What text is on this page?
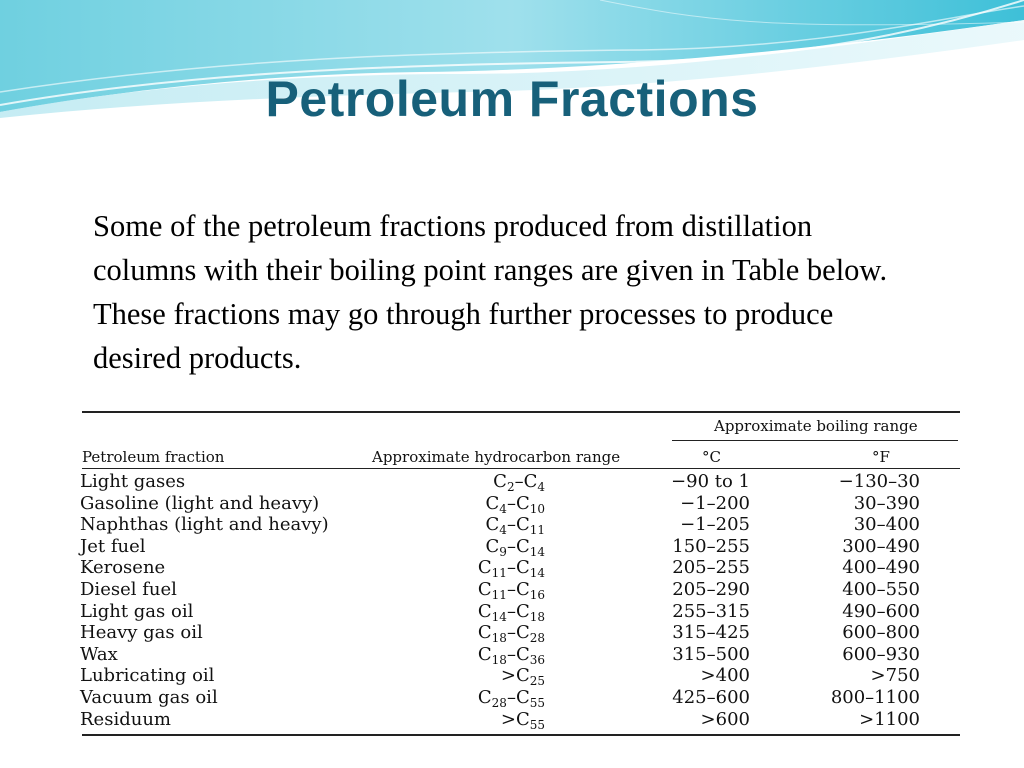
Petroleum Fractions

Some of the petroleum fractions produced from distillation columns with their boiling point ranges are given in Table below. These fractions may go through further processes to produce desired products.

Approximate boiling range
Petroleum fraction	Approximate hydrocarbon range	°C	°F
Light gases	$C_2-C_4$	−90 to 1	−130–30	
Gasoline (light and heavy)	$C_4-C_{10}$	−1–200	30–390	
Naphthas (light and heavy)	$C_4-C_{11}$	−1–205	30–400	
Jet fuel	$C_9-C_{14}$	150–255	300–490	
Kerosene	$C_{11}-C_{14}$	205–255	400–490	
Diesel fuel	$C_{11}-C_{16}$	205–290	400–550	
Light gas oil	$C_{14}-C_{18}$	255–315	490–600	
Heavy gas oil	$C_{18}-C_{28}$	315–425	600–800	
Wax	$C_{18}-C_{36}$	315–500	600–930	
Lubricating oil	$>C_{25}$	>400	>750	
Vacuum gas oil	$C_{28}-C_{55}$	425–600	800–1100	
Residuum	$>C_{55}$	>600	>1100	
